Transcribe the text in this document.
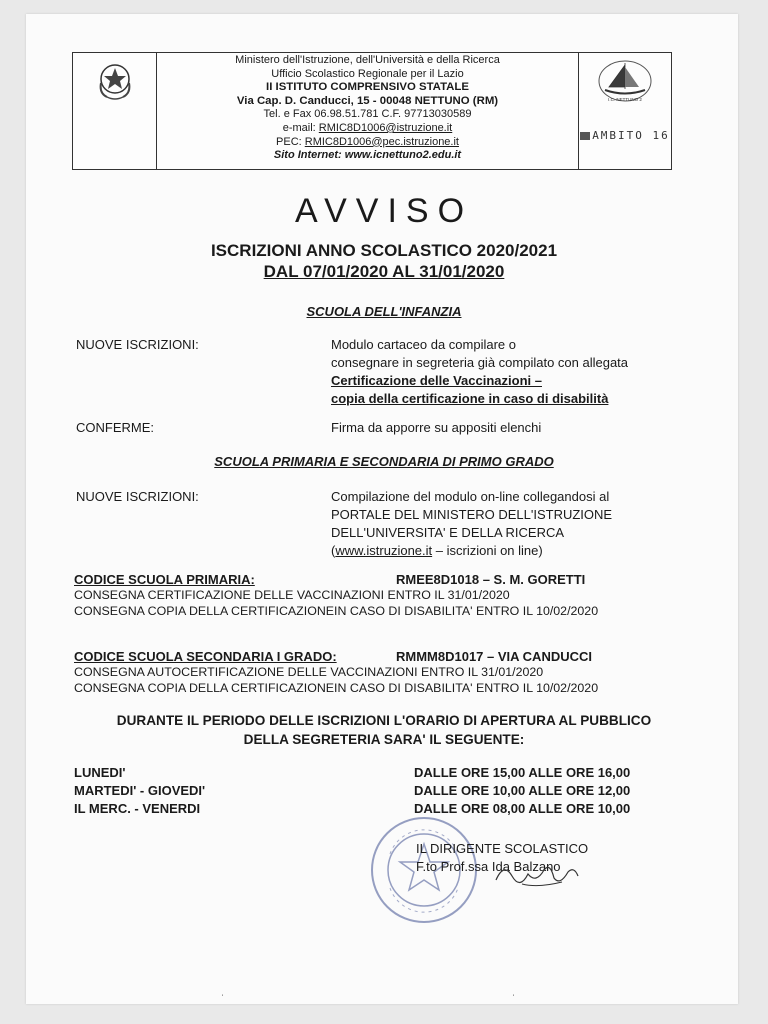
Ministero dell'Istruzione, dell'Università e della Ricerca
Ufficio Scolastico Regionale per il Lazio
II ISTITUTO COMPRENSIVO STATALE
Via Cap. D. Canducci, 15 - 00048 NETTUNO (RM)
Tel. e Fax 06.98.51.781 C.F. 97713030589
e-mail: RMIC8D1006@istruzione.it
PEC: RMIC8D1006@pec.istruzione.it
Sito Internet: www.icnettuno2.edu.it
I.C. NETTUNO 2
AMBITO 16
AVVISO
ISCRIZIONI ANNO SCOLASTICO 2020/2021
DAL 07/01/2020 AL 31/01/2020
SCUOLA DELL'INFANZIA
NUOVE ISCRIZIONI:	Modulo cartaceo da compilare o
consegnare in segreteria già compilato con allegata
Certificazione delle Vaccinazioni –
copia della certificazione in caso di disabilità
CONFERME:	Firma da apporre su appositi elenchi
SCUOLA PRIMARIA E SECONDARIA DI PRIMO GRADO
NUOVE ISCRIZIONI:	Compilazione del modulo on-line collegandosi al
PORTALE DEL MINISTERO DELL'ISTRUZIONE
DELL'UNIVERSITA' E DELLA RICERCA
(www.istruzione.it – iscrizioni on line)
CODICE SCUOLA PRIMARIA:	RMEE8D1018 – S. M. GORETTI
CONSEGNA CERTIFICAZIONE DELLE VACCINAZIONI ENTRO IL 31/01/2020
CONSEGNA COPIA DELLA CERTIFICAZIONEIN CASO DI DISABILITA' ENTRO IL 10/02/2020
CODICE SCUOLA SECONDARIA I GRADO:	RMMM8D1017 – VIA CANDUCCI
CONSEGNA AUTOCERTIFICAZIONE DELLE VACCINAZIONI ENTRO IL 31/01/2020
CONSEGNA COPIA DELLA CERTIFICAZIONEIN CASO DI DISABILITA' ENTRO IL 10/02/2020
DURANTE IL PERIODO DELLE ISCRIZIONI L'ORARIO DI APERTURA AL PUBBLICO
DELLA SEGRETERIA SARA' IL SEGUENTE:
LUNEDI'	DALLE ORE 15,00 ALLE ORE 16,00
MARTEDI' - GIOVEDI'	DALLE ORE 10,00 ALLE ORE 12,00
IL MERC. - VENERDI	DALLE ORE 08,00 ALLE ORE 10,00
IL DIRIGENTE SCOLASTICO
F.to Prof.ssa Ida Balzano
ˌ	ˌ
